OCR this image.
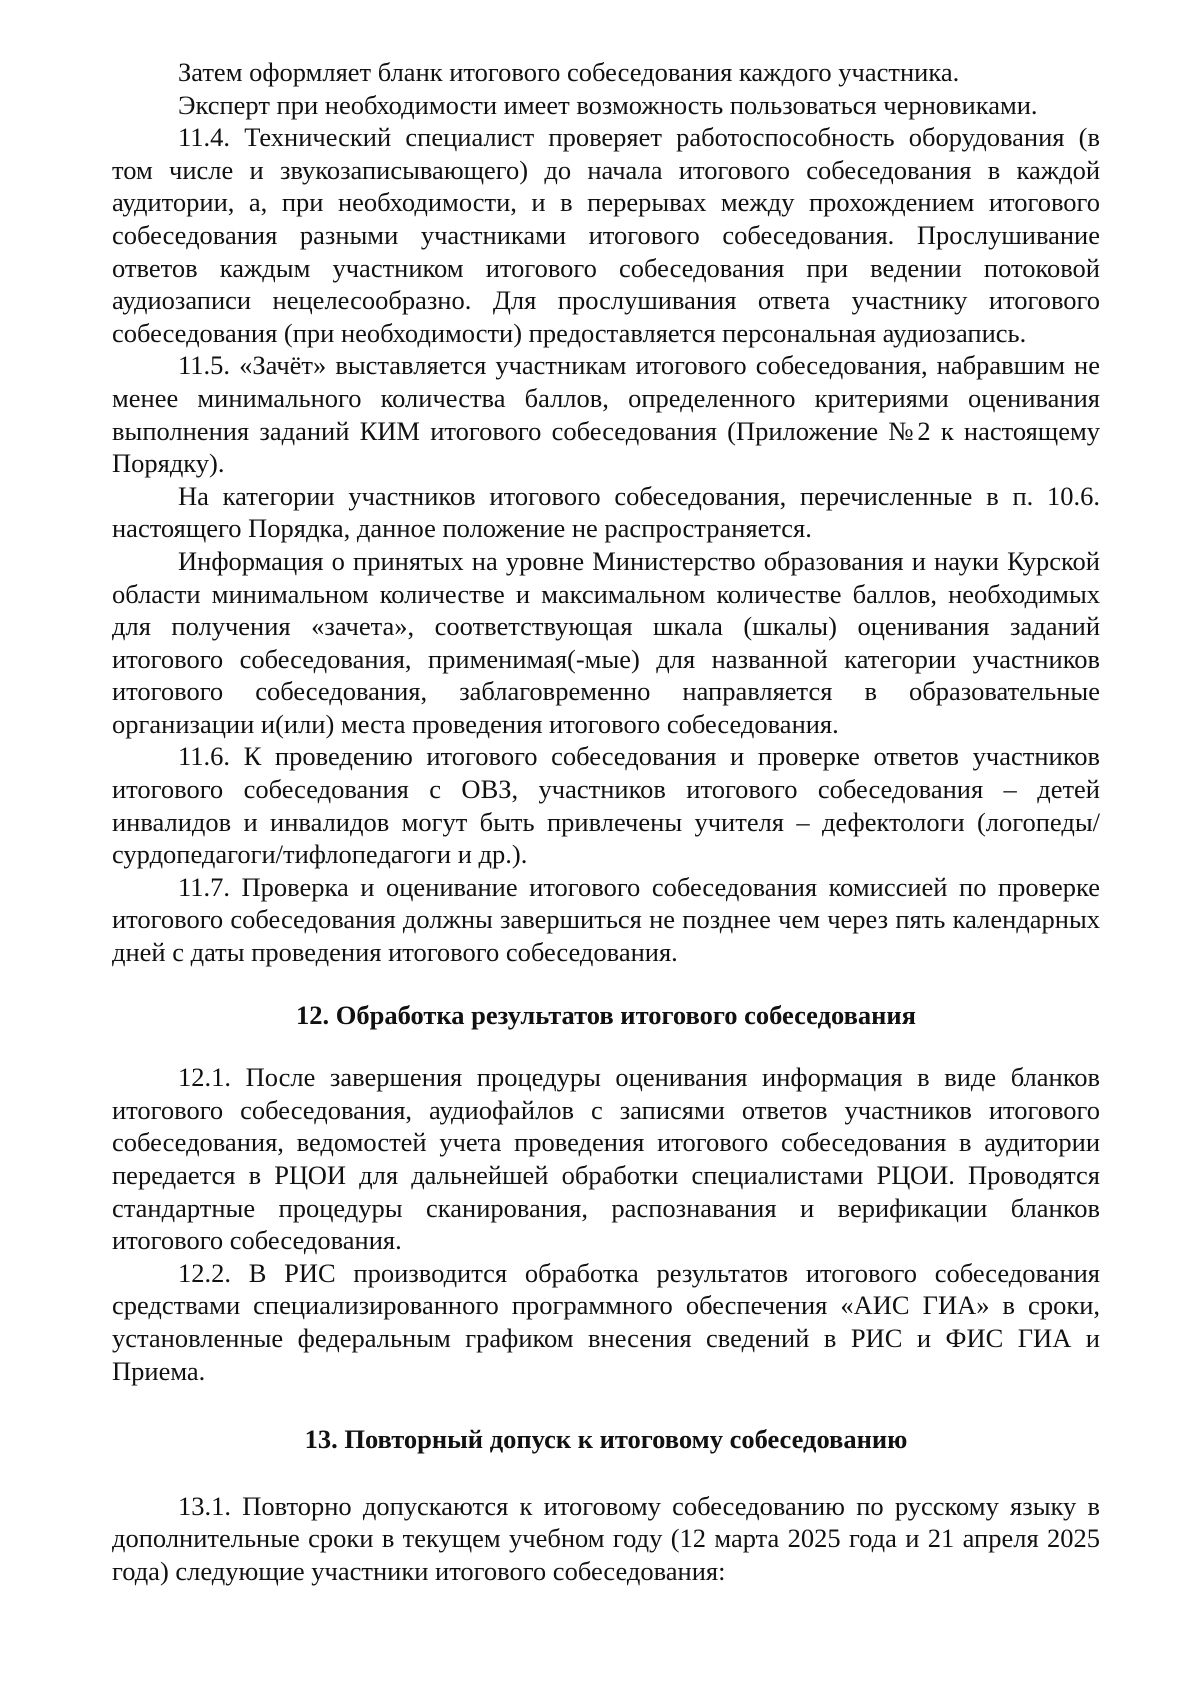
Затем оформляет бланк итогового собеседования каждого участника.

Эксперт при необходимости имеет возможность пользоваться черновиками.

11.4. Технический специалист проверяет работоспособность оборудования (в том числе и звукозаписывающего) до начала итогового собеседования в каждой аудитории, а, при необходимости, и в перерывах между прохождением итогового собеседования разными участниками итогового собеседования. Прослушивание ответов каждым участником итогового собеседования при ведении потоковой аудиозаписи нецелесообразно. Для прослушивания ответа участнику итогового собеседования (при необходимости) предоставляется персональная аудиозапись.

11.5. «Зачёт» выставляется участникам итогового собеседования, набравшим не менее минимального количества баллов, определенного критериями оценивания выполнения заданий КИМ итогового собеседования (Приложение №2 к настоящему Порядку).

На категории участников итогового собеседования, перечисленные в п. 10.6. настоящего Порядка, данное положение не распространяется.

Информация о принятых на уровне Министерство образования и науки Курской области минимальном количестве и максимальном количестве баллов, необходимых для получения «зачета», соответствующая шкала (шкалы) оценивания заданий итогового собеседования, применимая(-мые) для названной категории участников итогового собеседования, заблаговременно направляется в образовательные организации и(или) места проведения итогового собеседования.

11.6. К проведению итогового собеседования и проверке ответов участников итогового собеседования с ОВЗ, участников итогового собеседования – детей инвалидов и инвалидов могут быть привлечены учителя – дефектологи (логопеды/ сурдопедагоги/тифлопедагоги и др.).

11.7. Проверка и оценивание итогового собеседования комиссией по проверке итогового собеседования должны завершиться не позднее чем через пять календарных дней с даты проведения итогового собеседования.

12. Обработка результатов итогового собеседования

12.1. После завершения процедуры оценивания информация в виде бланков итогового собеседования, аудиофайлов с записями ответов участников итогового собеседования, ведомостей учета проведения итогового собеседования в аудитории передается в РЦОИ для дальнейшей обработки специалистами РЦОИ. Проводятся стандартные процедуры сканирования, распознавания и верификации бланков итогового собеседования.

12.2. В РИС производится обработка результатов итогового собеседования средствами специализированного программного обеспечения «АИС ГИА» в сроки, установленные федеральным графиком внесения сведений в РИС и ФИС ГИА и Приема.

13. Повторный допуск к итоговому собеседованию

13.1. Повторно допускаются к итоговому собеседованию по русскому языку в дополнительные сроки в текущем учебном году (12 марта 2025 года и 21 апреля 2025 года) следующие участники итогового собеседования:
